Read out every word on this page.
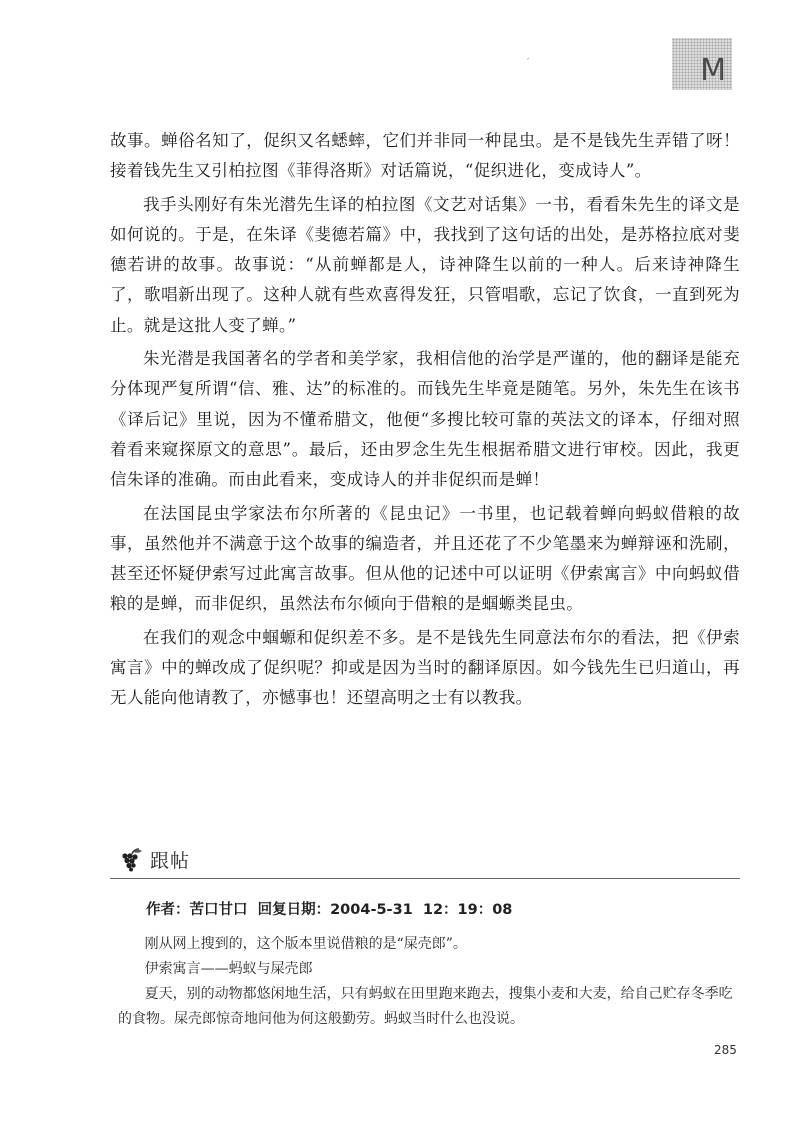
M
′

故事。蝉俗名知了，促织又名蟋蟀，它们并非同一种昆虫。是不是钱先生弄错了呀！接着钱先生又引柏拉图《菲得洛斯》对话篇说，“促织进化，变成诗人”。

我手头刚好有朱光潜先生译的柏拉图《文艺对话集》一书，看看朱先生的译文是如何说的。于是，在朱译《斐德若篇》中，我找到了这句话的出处，是苏格拉底对斐德若讲的故事。故事说：“从前蝉都是人，诗神降生以前的一种人。后来诗神降生了，歌唱新出现了。这种人就有些欢喜得发狂，只管唱歌，忘记了饮食，一直到死为止。就是这批人变了蝉。”

朱光潜是我国著名的学者和美学家，我相信他的治学是严谨的，他的翻译是能充分体现严复所谓“信、雅、达”的标准的。而钱先生毕竟是随笔。另外，朱先生在该书《译后记》里说，因为不懂希腊文，他便“多搜比较可靠的英法文的译本，仔细对照着看来窥探原文的意思”。最后，还由罗念生先生根据希腊文进行审校。因此，我更信朱译的准确。而由此看来，变成诗人的并非促织而是蝉！

在法国昆虫学家法布尔所著的《昆虫记》一书里，也记载着蝉向蚂蚁借粮的故事，虽然他并不满意于这个故事的编造者，并且还花了不少笔墨来为蝉辩诬和洗刷，甚至还怀疑伊索写过此寓言故事。但从他的记述中可以证明《伊索寓言》中向蚂蚁借粮的是蝉，而非促织，虽然法布尔倾向于借粮的是蝈螈类昆虫。

在我们的观念中蝈螈和促织差不多。是不是钱先生同意法布尔的看法，把《伊索寓言》中的蝉改成了促织呢？抑或是因为当时的翻译原因。如今钱先生已归道山，再无人能向他请教了，亦憾事也！还望高明之士有以教我。

跟帖
作者：苦口甘口  回复日期：2004-5-31  12：19：08

刚从网上搜到的，这个版本里说借粮的是“屎壳郎”。

伊索寓言——蚂蚁与屎壳郎

夏天，别的动物都悠闲地生活，只有蚂蚁在田里跑来跑去，搜集小麦和大麦，给自己贮存冬季吃的食物。屎壳郎惊奇地问他为何这般勤劳。蚂蚁当时什么也没说。

285
